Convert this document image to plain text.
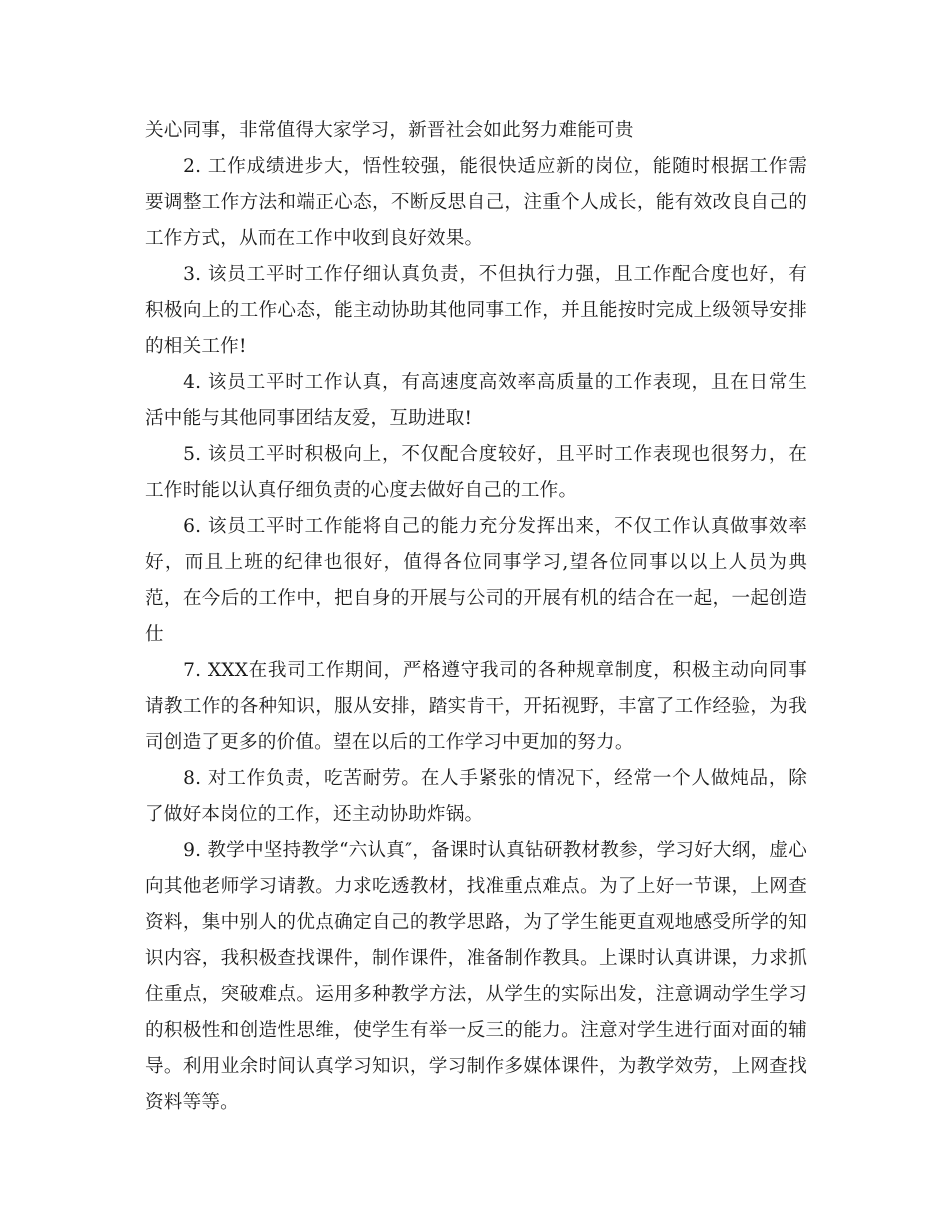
关心同事，非常值得大家学习，新晋社会如此努力难能可贵

2. 工作成绩进步大，悟性较强，能很快适应新的岗位，能随时根据工作需要调整工作方法和端正心态，不断反思自己，注重个人成长，能有效改良自己的工作方式，从而在工作中收到良好效果。

3. 该员工平时工作仔细认真负责，不但执行力强，且工作配合度也好，有积极向上的工作心态，能主动协助其他同事工作，并且能按时完成上级领导安排的相关工作!

4. 该员工平时工作认真，有高速度高效率高质量的工作表现，且在日常生活中能与其他同事团结友爱，互助进取!

5. 该员工平时积极向上，不仅配合度较好，且平时工作表现也很努力，在工作时能以认真仔细负责的心度去做好自己的工作。

6. 该员工平时工作能将自己的能力充分发挥出来，不仅工作认真做事效率好，而且上班的纪律也很好，值得各位同事学习,望各位同事以以上人员为典范，在今后的工作中，把自身的开展与公司的开展有机的结合在一起，一起创造仕

7. XXX在我司工作期间，严格遵守我司的各种规章制度，积极主动向同事请教工作的各种知识，服从安排，踏实肯干，开拓视野，丰富了工作经验，为我司创造了更多的价值。望在以后的工作学习中更加的努力。

8. 对工作负责，吃苦耐劳。在人手紧张的情况下，经常一个人做炖品，除了做好本岗位的工作，还主动协助炸锅。

9. 教学中坚持教学“六认真″，备课时认真钻研教材教参，学习好大纲，虚心向其他老师学习请教。力求吃透教材，找准重点难点。为了上好一节课，上网查资料，集中别人的优点确定自己的教学思路，为了学生能更直观地感受所学的知识内容，我积极查找课件，制作课件，准备制作教具。上课时认真讲课，力求抓住重点，突破难点。运用多种教学方法，从学生的实际出发，注意调动学生学习的积极性和创造性思维，使学生有举一反三的能力。注意对学生进行面对面的辅导。利用业余时间认真学习知识，学习制作多媒体课件，为教学效劳，上网查找资料等等。
